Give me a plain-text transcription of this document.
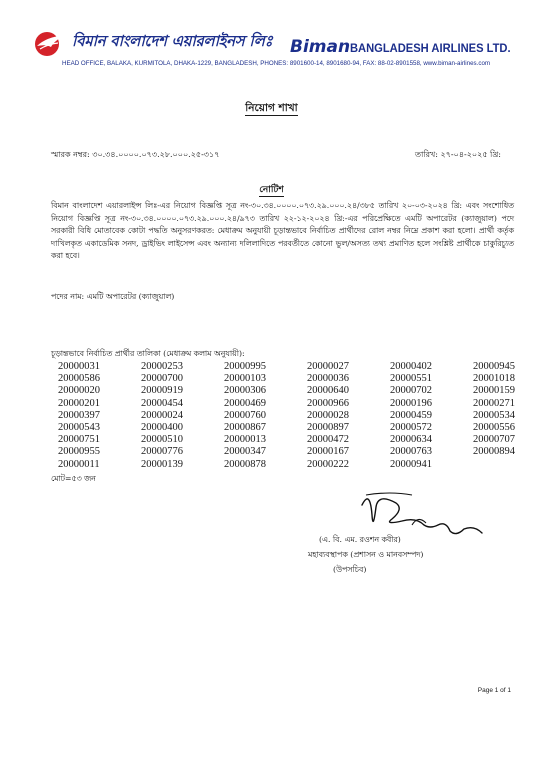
বিমান বাংলাদেশ এয়ারলাইনস লিঃ Biman BANGLADESH AIRLINES LTD.
HEAD OFFICE, BALAKA, KURMITOLA, DHAKA-1229, BANGLADESH, PHONES: 8901600-14, 8901680-94, FAX: 88-02-8901558, www.biman-airlines.com
নিয়োগ শাখা
স্মারক নম্বর: ৩০.৩৪.০০০০.০৭৩.২৮.০০০.২৫-৩১৭	তারিখ: ২৭-০৪-২০২৫ খ্রি:
নোটিশ

বিমান বাংলাদেশ এয়ারলাইন্স লিঃ-এর নিয়োগ বিজ্ঞপ্তি সূত্র নং-৩০.৩৪.০০০০.০৭৩.২৯.০০০.২৪/৩৮৫ তারিখ ২০-০৩-২০২৪ খ্রি: এবং সংশোধিত নিয়োগ বিজ্ঞপ্তি সূত্র নং-৩০.৩৪.০০০০.০৭৩.২৯.০০০.২৪/৯৭৩ তারিখ ২২-১২-২০২৪ খ্রি:-এর পরিপ্রেক্ষিতে এমটি অপারেটর (ক্যাজুয়াল) পদে সরকারী বিধি মোতাবেক কোটা পদ্ধতি অনুসরণকরত: মেধাক্রম অনুযায়ী চূড়ান্তভাবে নির্বাচিত প্রার্থীদের রোল নম্বর নিম্নে প্রকাশ করা হলো। প্রার্থী কর্তৃক দাখিলকৃত একাডেমিক সনদ, ড্রাইভিং লাইসেন্স এবং অন্যান্য দলিলাদিতে পরবর্তীতে কোনো ভুল/অসত্য তথ্য প্রমাণিত হলে সংশ্লিষ্ট প্রার্থীকে চাকুরিচ্যুত করা হবে।

পদের নাম: এমটি অপারেটর (ক্যাজুয়াল)
চূড়ান্তভাবে নির্বাচিত প্রার্থীর তালিকা (মেধাক্রম কলাম অনুযায়ী):
20000031	20000253	20000995	20000027	20000402	20000945
20000586	20000700	20000103	20000036	20000551	20001018
20000020	20000919	20000306	20000640	20000702	20000159
20000201	20000454	20000469	20000966	20000196	20000271
20000397	20000024	20000760	20000028	20000459	20000534
20000543	20000400	20000867	20000897	20000572	20000556
20000751	20000510	20000013	20000472	20000634	20000707
20000955	20000776	20000347	20000167	20000763	20000894
20000011	20000139	20000878	20000222	20000941
মোট=৫৩ জন
(এ. বি. এম. রওশন কবীর)
মহাব্যবস্থাপক (প্রশাসন ও মানবসম্পদ)
(উপসচিব)
Page 1 of 1
